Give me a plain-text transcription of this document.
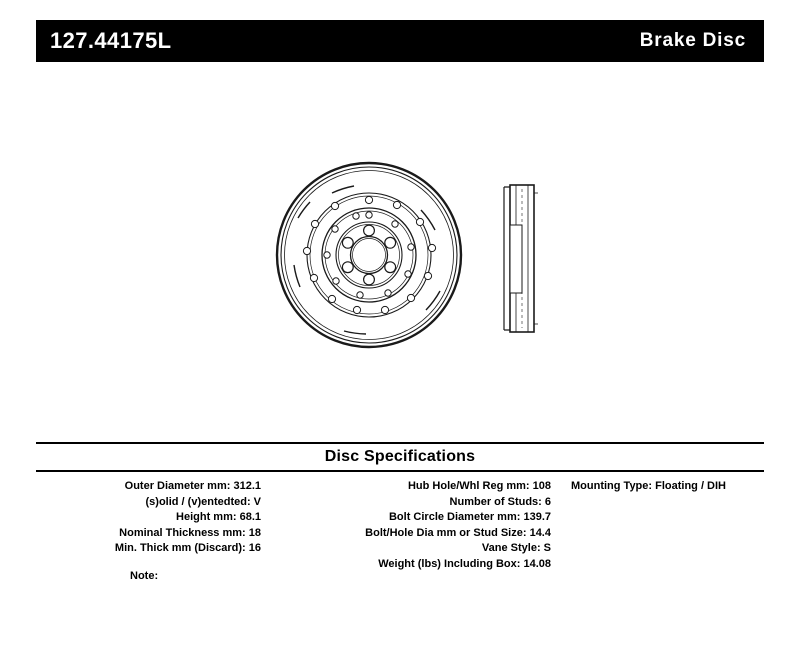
127.44175L	Brake Disc
Disc Specifications
Outer Diameter mm: 312.1
(s)olid / (v)entedted: V
Height mm: 68.1
Nominal Thickness mm: 18
Min. Thick mm (Discard): 16
Hub Hole/Whl Reg mm: 108
Number of Studs: 6
Bolt Circle Diameter mm: 139.7
Bolt/Hole Dia mm or Stud Size: 14.4
Vane Style: S
Weight (lbs) Including Box: 14.08
Mounting Type: Floating / DIH
Note:
